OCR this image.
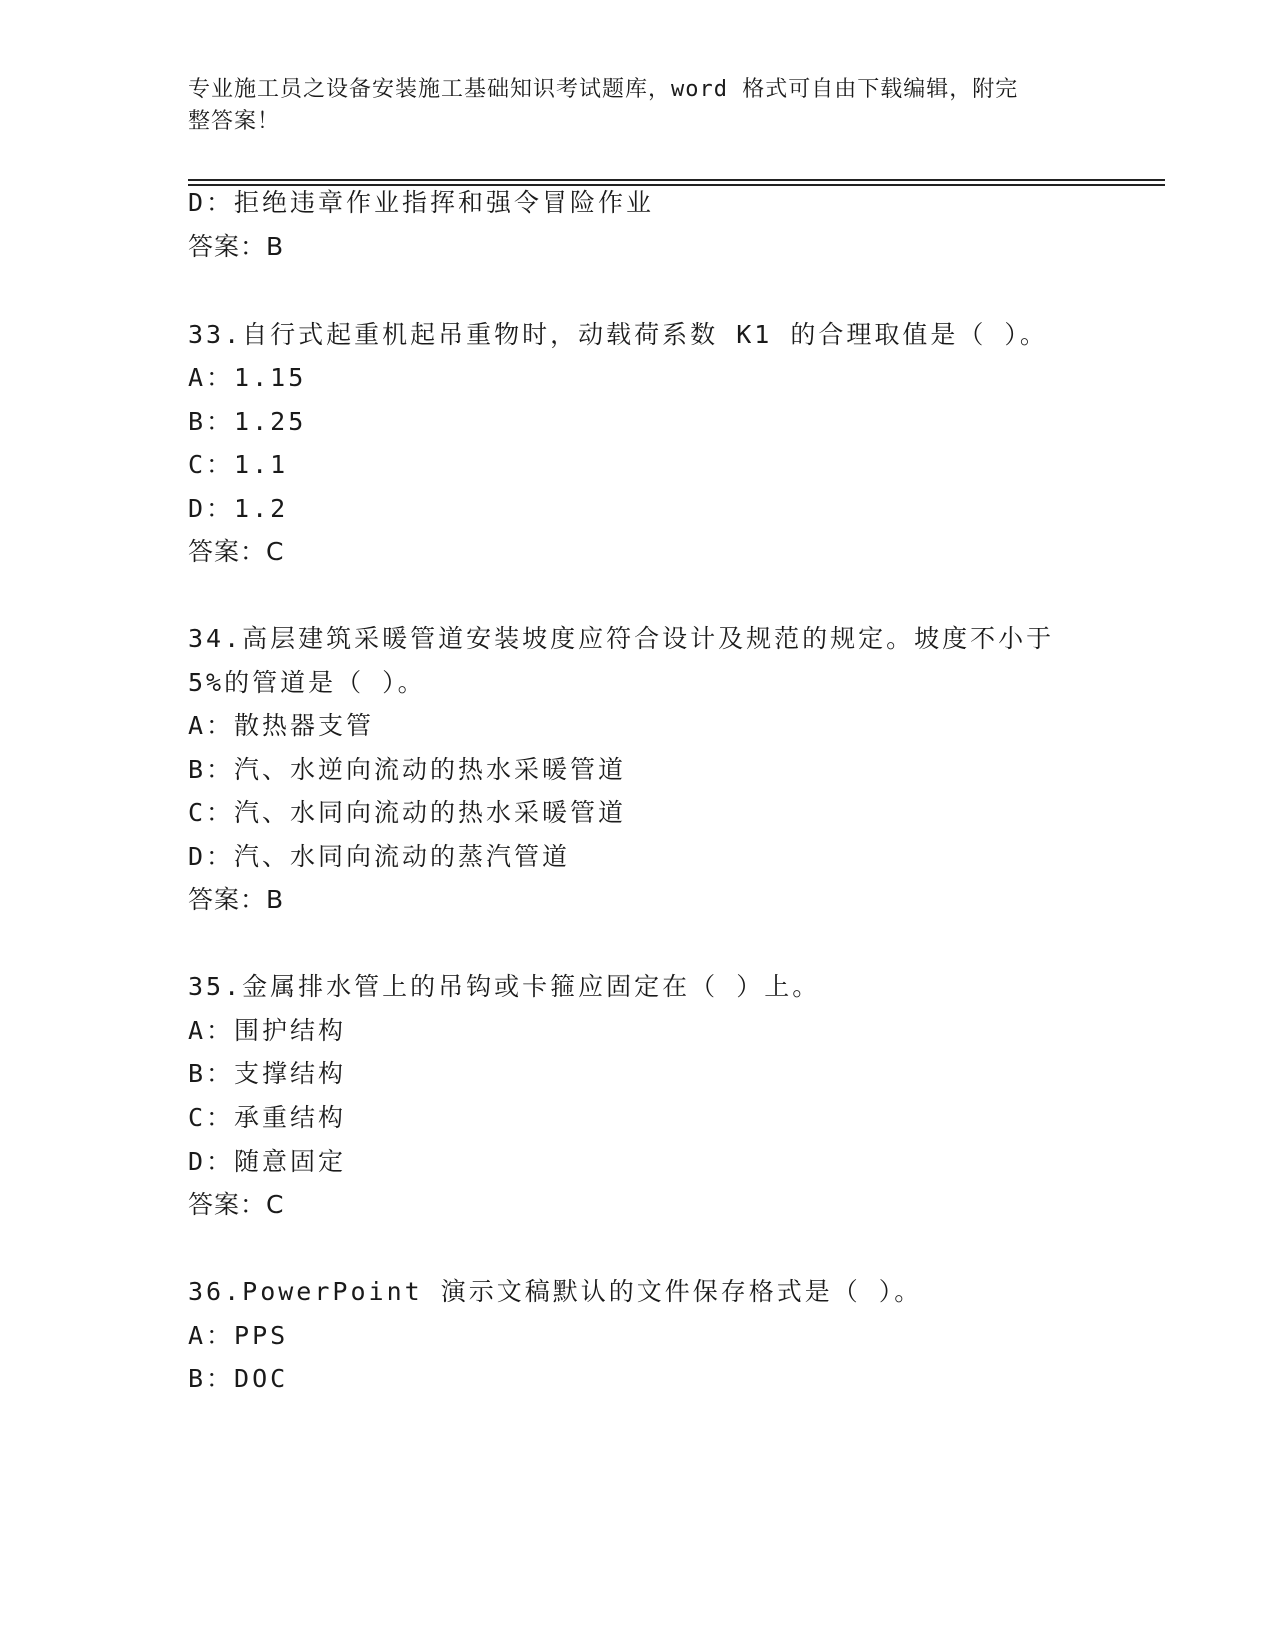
专业施工员之设备安装施工基础知识考试题库，word 格式可自由下载编辑，附完
整答案！
D：拒绝违章作业指挥和强令冒险作业
答案：B
33.自行式起重机起吊重物时，动载荷系数 K1 的合理取值是（ ）。
A：1.15
B：1.25
C：1.1
D：1.2
答案：C
34.高层建筑采暖管道安装坡度应符合设计及规范的规定。坡度不小于
5%的管道是（ ）。
A：散热器支管
B：汽、水逆向流动的热水采暖管道
C：汽、水同向流动的热水采暖管道
D：汽、水同向流动的蒸汽管道
答案：B
35.金属排水管上的吊钩或卡箍应固定在（ ）上。
A：围护结构
B：支撑结构
C：承重结构
D：随意固定
答案：C
36.PowerPoint 演示文稿默认的文件保存格式是（ ）。
A：PPS
B：DOC
